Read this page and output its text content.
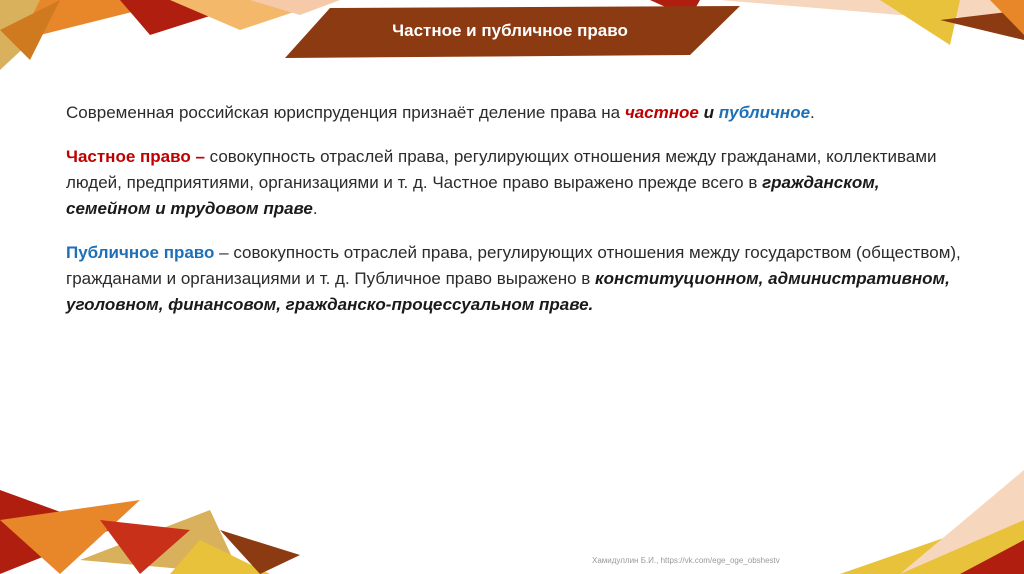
Частное и публичное право

Современная российская юриспруденция признаёт деление права на частное и публичное.

Частное право – совокупность отраслей права, регулирующих отношения между гражданами, коллективами людей, предприятиями, организациями и т. д. Частное право выражено прежде всего в гражданском, семейном и трудовом праве.

Публичное право – совокупность отраслей права, регулирующих отношения между государством (обществом), гражданами и организациями и т. д. Публичное право выражено в конституционном, административном, уголовном, финансовом, гражданско-процессуальном праве.

Хамидуллин Б.И., https://vk.com/ege_oge_obshestv
